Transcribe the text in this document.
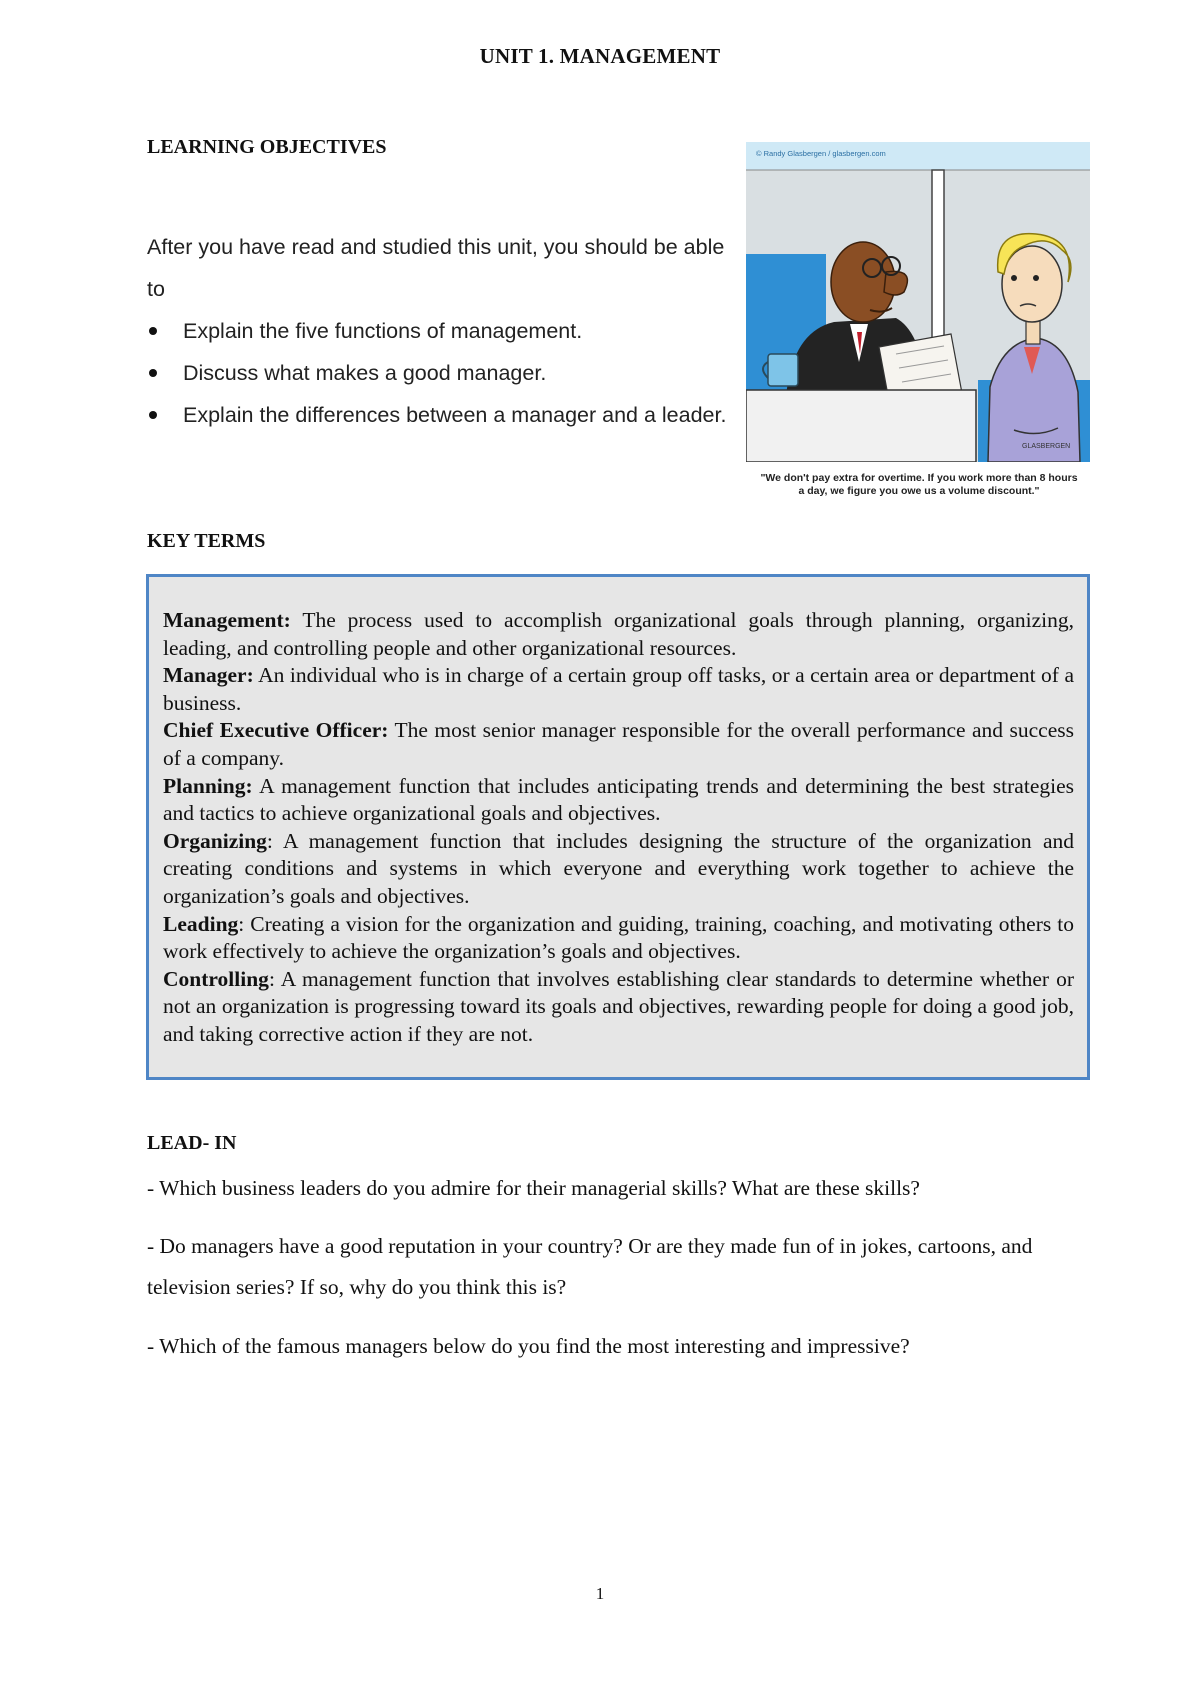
UNIT 1. MANAGEMENT
LEARNING OBJECTIVES

After you have read and studied this unit, you should be able to

Explain the five functions of management.
Discuss what makes a good manager.
Explain the differences between a manager and a leader.
© Randy Glasbergen / glasbergen.com
GLASBERGEN
"We don't pay extra for overtime. If you work more than 8 hours a day, we figure you owe us a volume discount."
KEY TERMS

Management: The process used to accomplish organizational goals through planning, organizing, leading, and controlling people and other organizational resources.

Manager: An individual who is in charge of a certain group off tasks, or a certain area or department of a business.

Chief Executive Officer: The most senior manager responsible for the overall performance and success of a company.

Planning: A management function that includes anticipating trends and determining the best strategies and tactics to achieve organizational goals and objectives.

Organizing: A management function that includes designing the structure of the organization and creating conditions and systems in which everyone and everything work together to achieve the organization’s goals and objectives.

Leading: Creating a vision for the organization and guiding, training, coaching, and motivating others to work effectively to achieve the organization’s goals and objectives.

Controlling: A management function that involves establishing clear standards to determine whether or not an organization is progressing toward its goals and objectives, rewarding people for doing a good job, and taking corrective action if they are not.

LEAD- IN

- Which business leaders do you admire for their managerial skills? What are these skills?

- Do managers have a good reputation in your country? Or are they made fun of in jokes, cartoons, and television series? If so, why do you think this is?

- Which of the famous managers below do you find the most interesting and impressive?

1
